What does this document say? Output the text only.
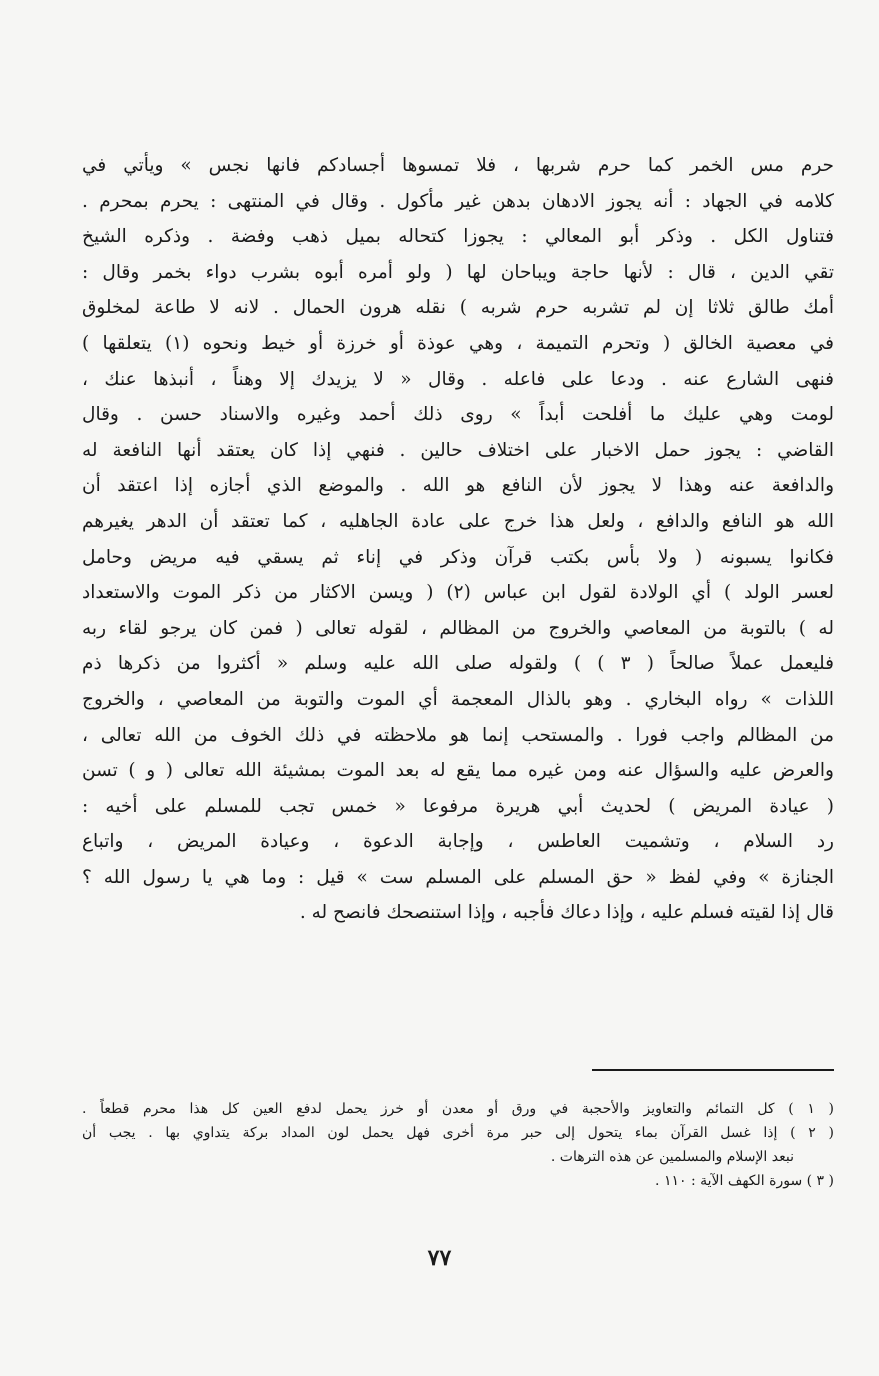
حرم مس الخمر كما حرم شربها ، فلا تمسوها أجسادكم فانها نجس » ويأتي في
كلامه في الجهاد : أنه يجوز الادهان بدهن غير مأكول . وقال في المنتهى : يحرم بمحرم .
فتناول الكل . وذكر أبو المعالي : يجوزا كتحاله بميل ذهب وفضة . وذكره الشيخ
تقي الدين ، قال : لأنها حاجة ويباحان لها ( ولو أمره أبوه بشرب دواء بخمر وقال :
أمك طالق ثلاثا إن لم تشربه حرم شربه ) نقله هرون الحمال . لانه لا طاعة لمخلوق
في معصية الخالق ( وتحرم التميمة ، وهي عوذة أو خرزة أو خيط ونحوه (١) يتعلقها )
فنهى الشارع عنه . ودعا على فاعله . وقال « لا يزيدك إلا وهناً ، أنبذها عنك ،
لومت وهي عليك ما أفلحت أبداً » روى ذلك أحمد وغيره والاسناد حسن . وقال
القاضي : يجوز حمل الاخبار على اختلاف حالين . فنهي إذا كان يعتقد أنها النافعة له
والدافعة عنه وهذا لا يجوز لأن النافع هو الله . والموضع الذي أجازه إذا اعتقد أن
الله هو النافع والدافع ، ولعل هذا خرج على عادة الجاهليه ، كما تعتقد أن الدهر يغيرهم
فكانوا يسبونه ( ولا بأس بكتب قرآن وذكر في إناء ثم يسقي فيه مريض وحامل
لعسر الولد ) أي الولادة لقول ابن عباس (٢) ( ويسن الاكثار من ذكر الموت والاستعداد
له ) بالتوبة من المعاصي والخروج من المظالم ، لقوله تعالى ( فمن كان يرجو لقاء ربه
فليعمل عملاً صالحاً ( ٣ ) ) ولقوله صلى الله عليه وسلم « أكثروا من ذكرها ذم
اللذات » رواه البخاري . وهو بالذال المعجمة أي الموت والتوبة من المعاصي ، والخروج
من المظالم واجب فورا . والمستحب إنما هو ملاحظته في ذلك الخوف من الله تعالى ،
والعرض عليه والسؤال عنه ومن غيره مما يقع له بعد الموت بمشيئة الله تعالى ( و ) تسن
( عيادة المريض ) لحديث أبي هريرة مرفوعا « خمس تجب للمسلم على أخيه :
رد السلام ، وتشميت العاطس ، وإجابة الدعوة ، وعيادة المريض ، واتباع
الجنازة » وفي لفظ « حق المسلم على المسلم ست » قيل : وما هي يا رسول الله ؟
قال إذا لقيته فسلم عليه ، وإذا دعاك فأجبه ، وإذا استنصحك فانصح له .
( ١ ) كل التمائم والتعاويز والأحجبة في ورق أو معدن أو خرز يحمل لدفع العين كل هذا محرم قطعاً .
( ٢ ) إذا غسل القرآن بماء يتحول إلى حبر مرة أخرى فهل يحمل لون المداد بركة يتداوي بها . يجب أن
نبعد الإسلام والمسلمين عن هذه الترهات .
( ٣ ) سورة الكهف الآية : ١١٠ .
٧٧
